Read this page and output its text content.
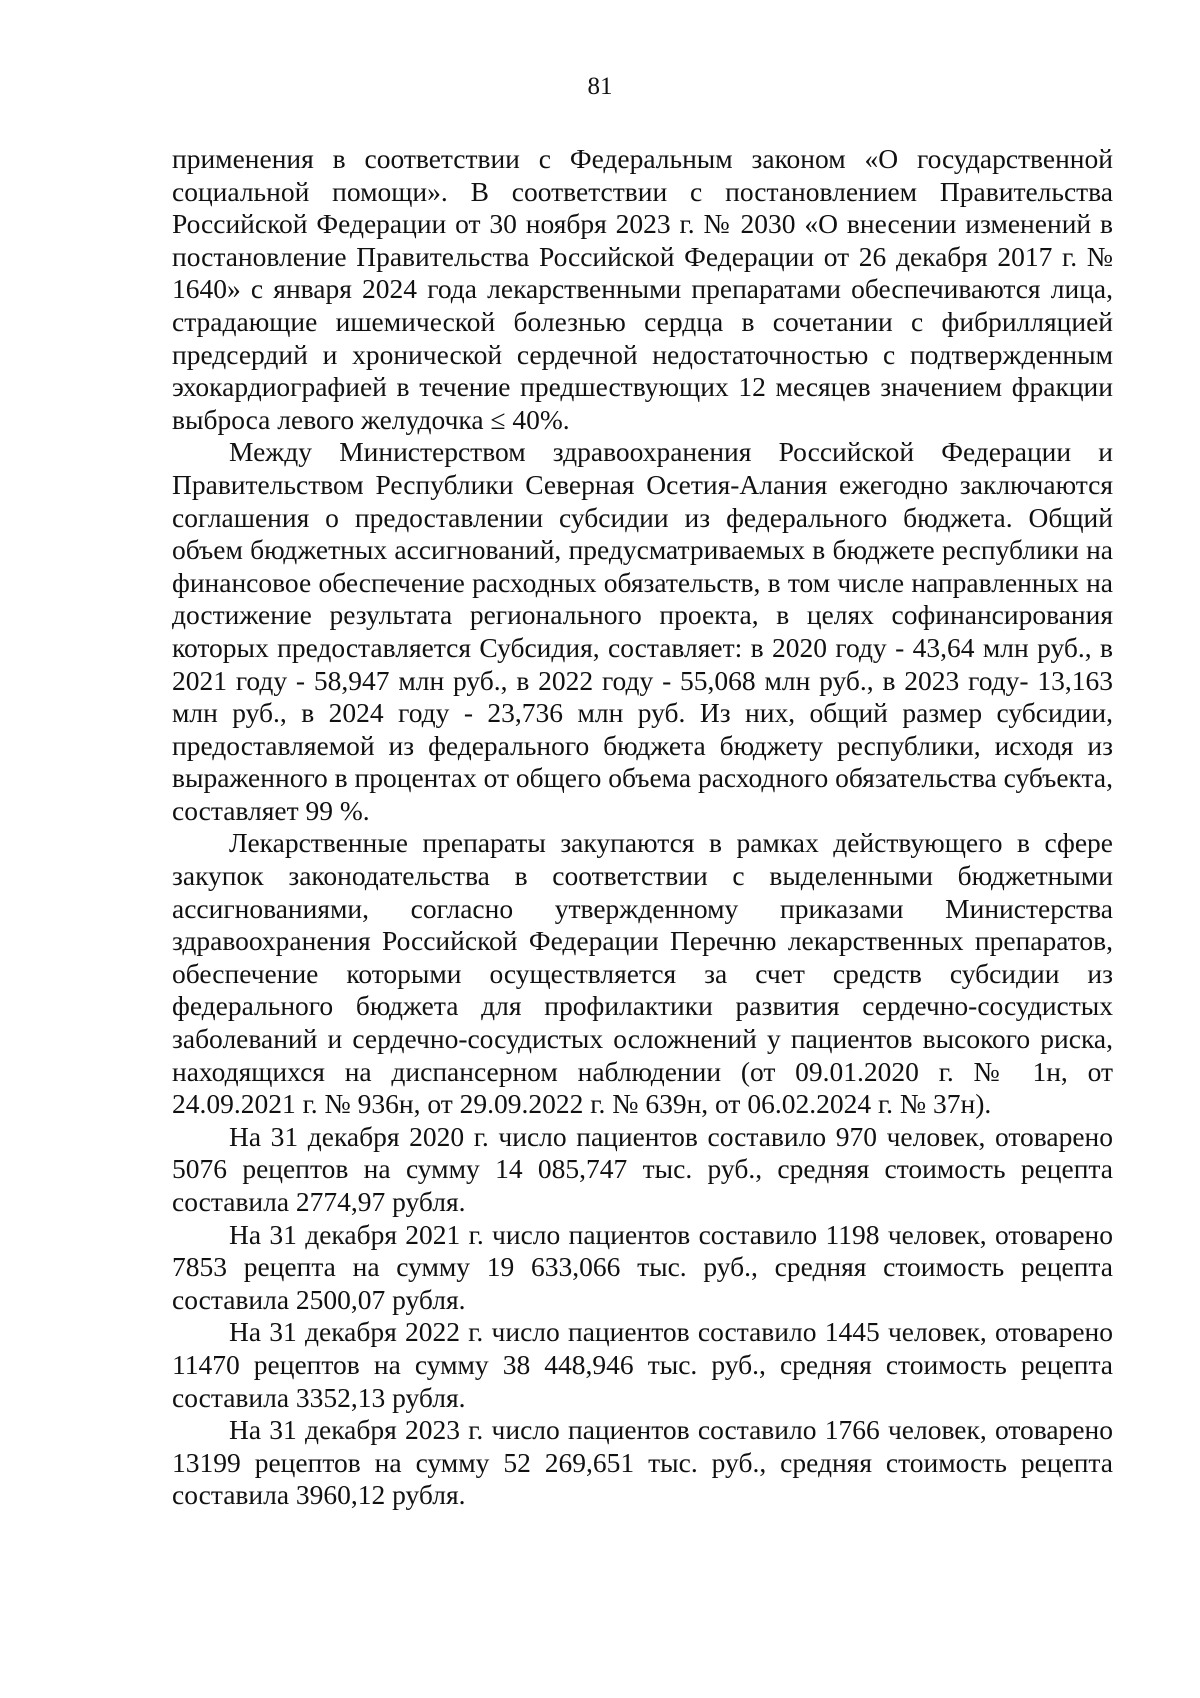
81

применения в соответствии с Федеральным законом «О государственной социальной помощи». В соответствии с постановлением Правительства Российской Федерации от 30 ноября 2023 г. № 2030 «О внесении изменений в постановление Правительства Российской Федерации от 26 декабря 2017 г. № 1640» с января 2024 года лекарственными препаратами обеспечиваются лица, страдающие ишемической болезнью сердца в сочетании с фибрилляцией предсердий и хронической сердечной недостаточностью с подтвержденным эхокардиографией в течение предшествующих 12 месяцев значением фракции выброса левого желудочка ≤ 40%.

Между Министерством здравоохранения Российской Федерации и Правительством Республики Северная Осетия-Алания ежегодно заключаются соглашения о предоставлении субсидии из федерального бюджета. Общий объем бюджетных ассигнований, предусматриваемых в бюджете республики на финансовое обеспечение расходных обязательств, в том числе направленных на достижение результата регионального проекта, в целях софинансирования которых предоставляется Субсидия, составляет: в 2020 году - 43,64 млн руб., в 2021 году - 58,947 млн руб., в 2022 году - 55,068 млн руб., в 2023 году- 13,163 млн руб., в 2024 году - 23,736 млн руб. Из них, общий размер субсидии, предоставляемой из федерального бюджета бюджету республики, исходя из выраженного в процентах от общего объема расходного обязательства субъекта, составляет 99 %.

Лекарственные препараты закупаются в рамках действующего в сфере закупок законодательства в соответствии с выделенными бюджетными ассигнованиями, согласно утвержденному приказами Министерства здравоохранения Российской Федерации Перечню лекарственных препаратов, обеспечение которыми осуществляется за счет средств субсидии из федерального бюджета для профилактики развития сердечно-сосудистых заболеваний и сердечно-сосудистых осложнений у пациентов высокого риска, находящихся на диспансерном наблюдении (от 09.01.2020 г. № 1н, от 24.09.2021 г. № 936н, от 29.09.2022 г. № 639н, от 06.02.2024 г. № 37н).

На 31 декабря 2020 г. число пациентов составило 970 человек, отоварено 5076 рецептов на сумму 14 085,747 тыс. руб., средняя стоимость рецепта составила 2774,97 рубля.

На 31 декабря 2021 г. число пациентов составило 1198 человек, отоварено 7853 рецепта на сумму 19 633,066 тыс. руб., средняя стоимость рецепта составила 2500,07 рубля.

На 31 декабря 2022 г. число пациентов составило 1445 человек, отоварено 11470 рецептов на сумму 38 448,946 тыс. руб., средняя стоимость рецепта составила 3352,13 рубля.

На 31 декабря 2023 г. число пациентов составило 1766 человек, отоварено 13199 рецептов на сумму 52 269,651 тыс. руб., средняя стоимость рецепта составила 3960,12 рубля.
